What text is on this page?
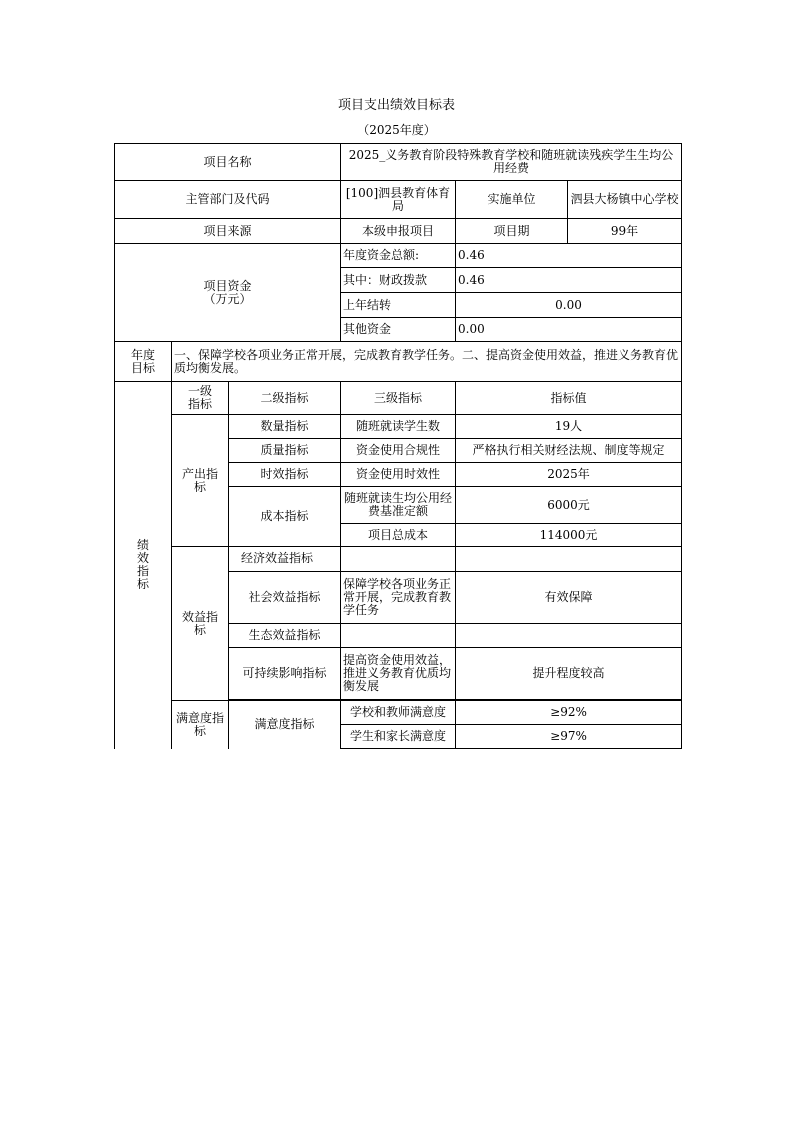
项目支出绩效目标表
（2025年度）
项目名称			2025_义务教育阶段特殊教育学校和随班就读残疾学生生均公用经费		
主管部门及代码			[100]泗县教育体育局	实施单位	泗县大杨镇中心学校
项目来源			本级申报项目	项目期	99年

项目资金
（万元）			年度资金总额:	0.46	
			其中：财政拨款	0.46	
			上年结转	0.00	
			其他资金	0.00	
年度目标	一、保障学校各项业务正常开展，完成教育教学任务。二、提高资金使用效益，推进义务教育优质均衡发展。				
绩效指标	一级指标	二级指标	三级指标	指标值	
	产出指标	数量指标	随班就读学生数	19人	
		质量指标	资金使用合规性	严格执行相关财经法规、制度等规定	
		时效指标	资金使用时效性	2025年	
		成本指标	随班就读生均公用经费基准定额	6000元	
			项目总成本	114000元	
	效益指标	经济效益指标			

		社会效益指标	保障学校各项业务正常开展，完成教育教学任务	有效保障	
		生态效益指标			
		可持续影响指标	提高资金使用效益，推进义务教育优质均衡发展	提升程度较高	

	满意度指标	满意度指标	学校和教师满意度	≥92%	
			学生和家长满意度	≥97%	
